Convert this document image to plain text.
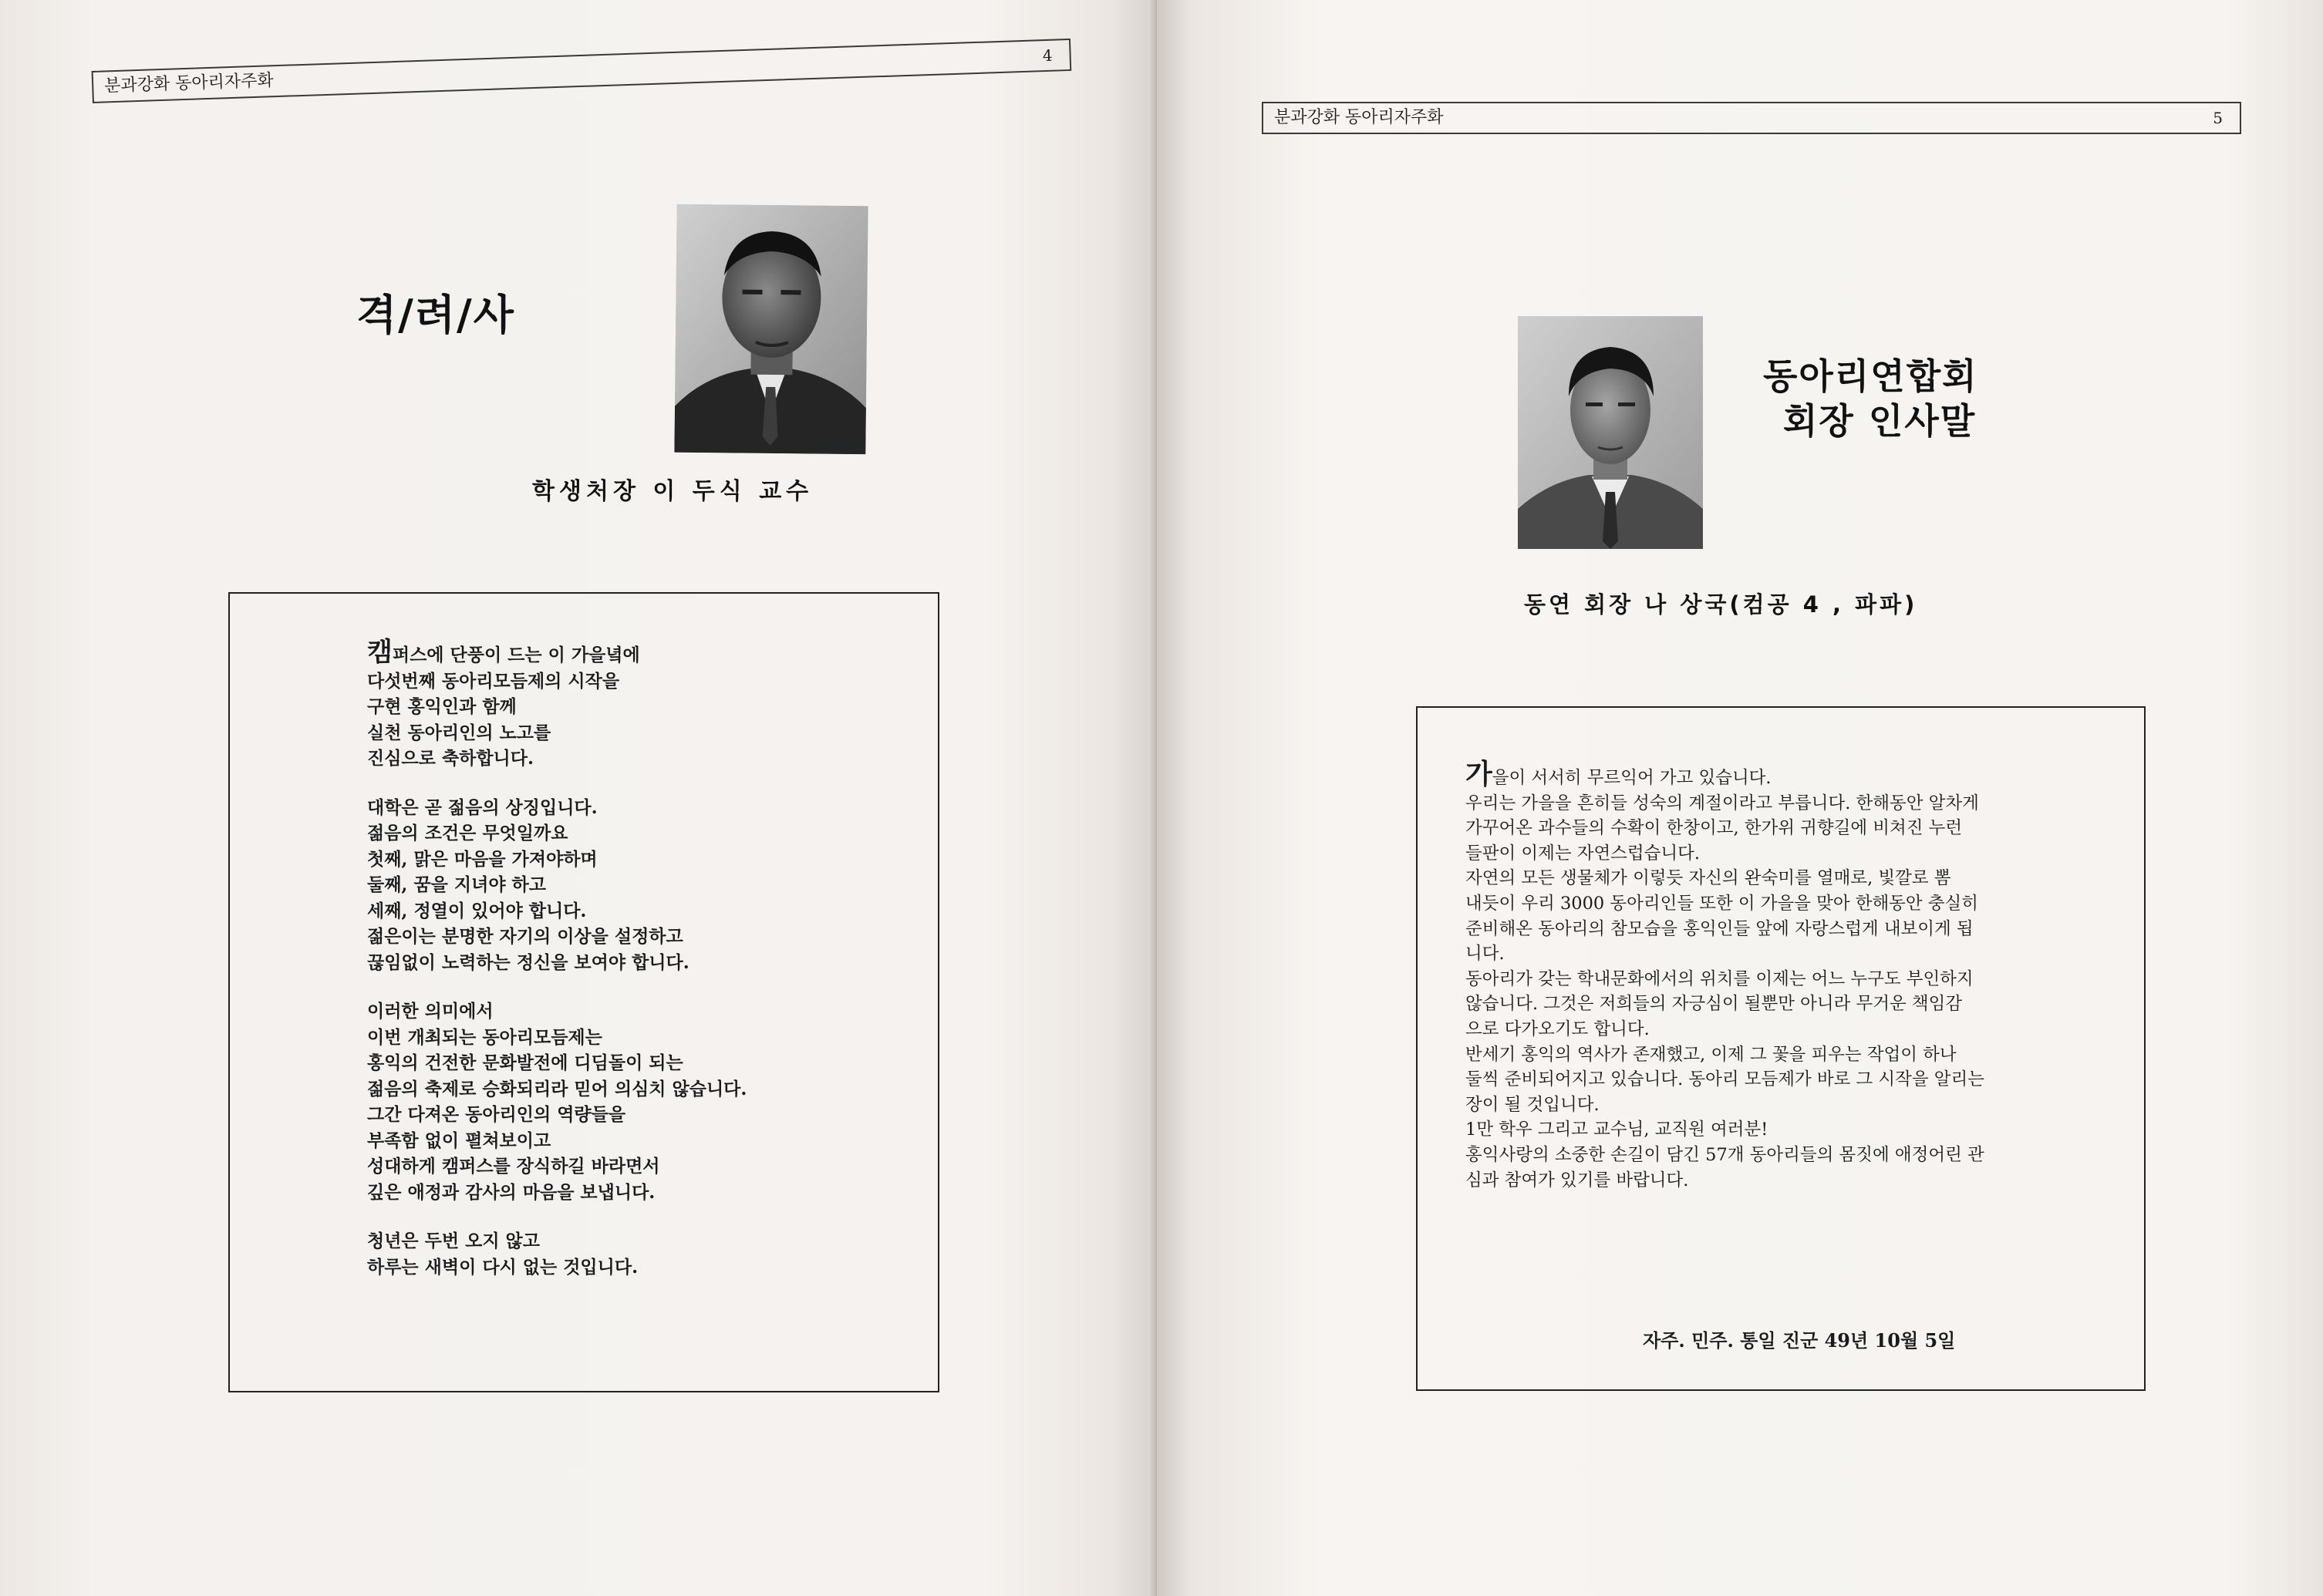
분과강화 동아리자주화
4
격/려/사
학생처장 이 두식 교수
캠퍼스에 단풍이 드는 이 가을녘에
다섯번째 동아리모듬제의 시작을
구현 홍익인과 함께
실천 동아리인의 노고를
진심으로 축하합니다.
대학은 곧 젊음의 상징입니다.
젊음의 조건은 무엇일까요
첫째, 맑은 마음을 가져야하며
둘째, 꿈을 지녀야 하고
세째, 정열이 있어야 합니다.
젊은이는 분명한 자기의 이상을 설정하고
끊임없이 노력하는 정신을 보여야 합니다.
이러한 의미에서
이번 개최되는 동아리모듬제는
홍익의 건전한 문화발전에 디딤돌이 되는
젊음의 축제로 승화되리라 믿어 의심치 않습니다.
그간 다져온 동아리인의 역량들을
부족함 없이 펼쳐보이고
성대하게 캠퍼스를 장식하길 바라면서
깊은 애정과 감사의 마음을 보냅니다.
청년은 두번 오지 않고
하루는 새벽이 다시 없는 것입니다.
분과강화 동아리자주화	5
동아리연합회
회장 인사말
동연 회장 나 상국(컴공 4 , 파파)
가을이 서서히 무르익어 가고 있습니다.
우리는 가을을 흔히들 성숙의 계절이라고 부릅니다. 한해동안 알차게
가꾸어온 과수들의 수확이 한창이고, 한가위 귀향길에 비쳐진 누런
들판이 이제는 자연스럽습니다.
자연의 모든 생물체가 이렇듯 자신의 완숙미를 열매로, 빛깔로 뽐
내듯이 우리 3000 동아리인들 또한 이 가을을 맞아 한해동안 충실히
준비해온 동아리의 참모습을 홍익인들 앞에 자랑스럽게 내보이게 됩
니다.
동아리가 갖는 학내문화에서의 위치를 이제는 어느 누구도 부인하지
않습니다. 그것은 저희들의 자긍심이 될뿐만 아니라 무거운 책임감
으로 다가오기도 합니다.
반세기 홍익의 역사가 존재했고, 이제 그 꽃을 피우는 작업이 하나
둘씩 준비되어지고 있습니다. 동아리 모듬제가 바로 그 시작을 알리는
장이 될 것입니다.
1만 학우 그리고 교수님, 교직원 여러분!
홍익사랑의 소중한 손길이 담긴 57개 동아리들의 몸짓에 애정어린 관
심과 참여가 있기를 바랍니다.
자주. 민주. 통일 진군 49년 10월 5일
